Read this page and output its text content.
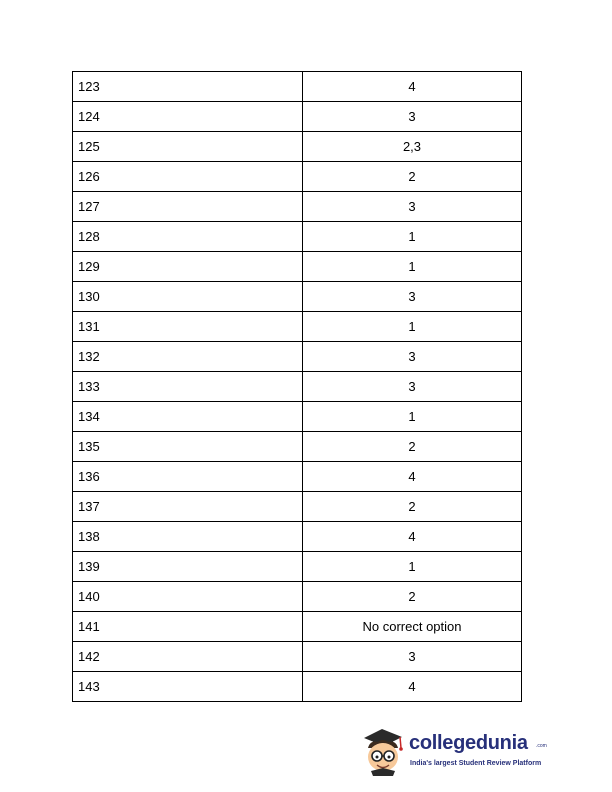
123	4
124	3
125	2,3
126	2
127	3
128	1
129	1
130	3
131	1
132	3
133	3
134	1
135	2
136	4
137	2
138	4
139	1
140	2
141	No correct option
142	3
143	4
collegedunia .com
India's largest Student Review Platform
